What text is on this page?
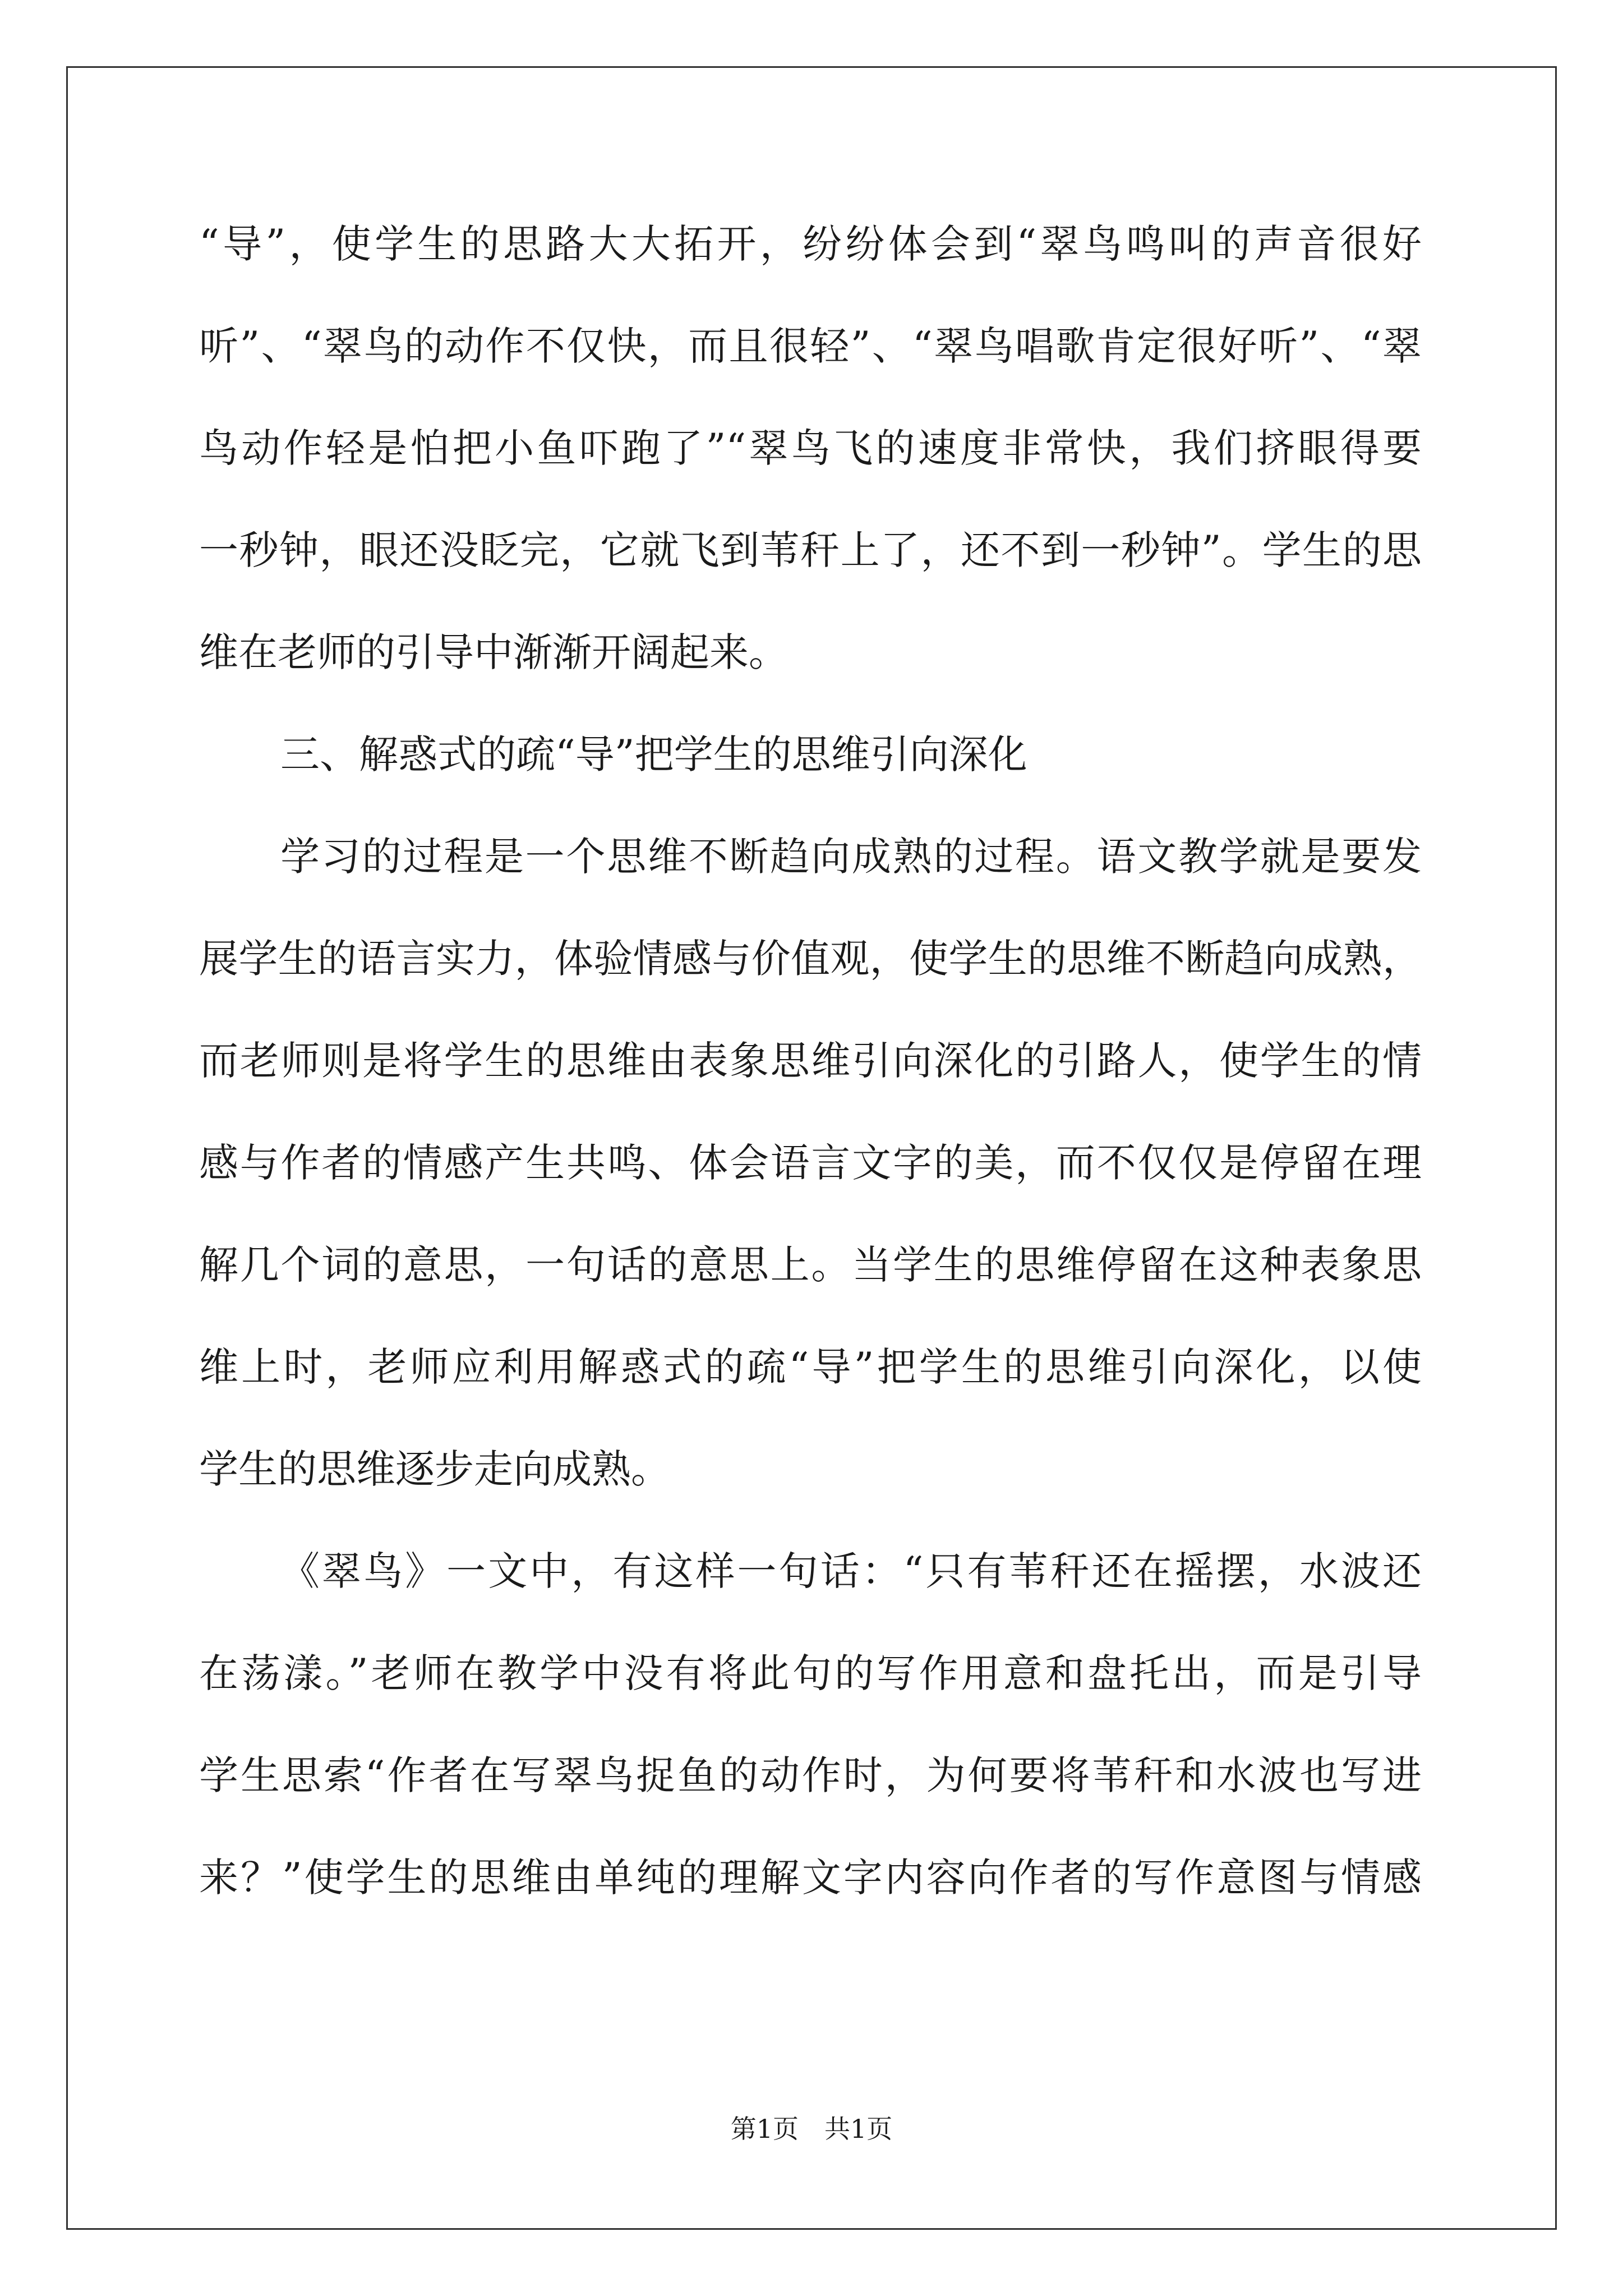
“导”，使学生的思路大大拓开，纷纷体会到“翠鸟鸣叫的声音很好
听”、“翠鸟的动作不仅快，而且很轻”、“翠鸟唱歌肯定很好听”、“翠
鸟动作轻是怕把小鱼吓跑了”“翠鸟飞的速度非常快，我们挤眼得要
一秒钟，眼还没眨完，它就飞到苇秆上了，还不到一秒钟”。学生的思
维在老师的引导中渐渐开阔起来。
三、解惑式的疏“导”把学生的思维引向深化
学习的过程是一个思维不断趋向成熟的过程。语文教学就是要发
展学生的语言实力，体验情感与价值观，使学生的思维不断趋向成熟，
而老师则是将学生的思维由表象思维引向深化的引路人，使学生的情
感与作者的情感产生共鸣、体会语言文字的美，而不仅仅是停留在理
解几个词的意思，一句话的意思上。当学生的思维停留在这种表象思
维上时，老师应利用解惑式的疏“导”把学生的思维引向深化，以使
学生的思维逐步走向成熟。
《翠鸟》一文中，有这样一句话：“只有苇秆还在摇摆，水波还
在荡漾。”老师在教学中没有将此句的写作用意和盘托出，而是引导
学生思索“作者在写翠鸟捉鱼的动作时，为何要将苇秆和水波也写进
来？”使学生的思维由单纯的理解文字内容向作者的写作意图与情感
第1页 共1页
